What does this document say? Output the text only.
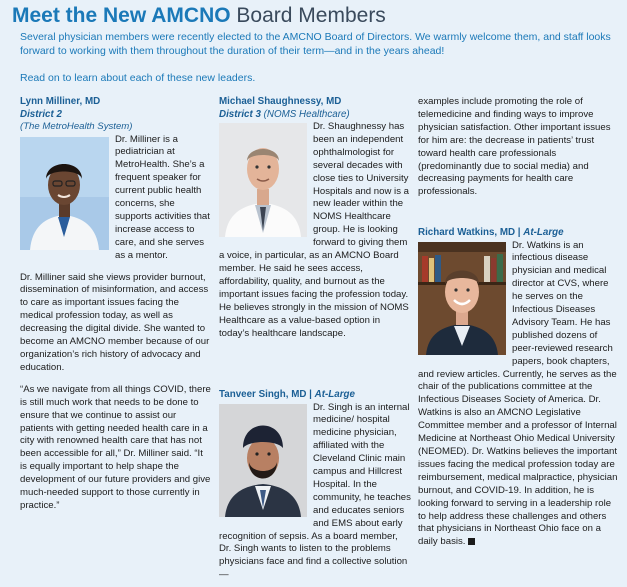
Meet the New AMCNO Board Members

Several physician members were recently elected to the AMCNO Board of Directors. We warmly welcome them, and staff looks forward to working with them throughout the duration of their term—and in the years ahead!

Read on to learn about each of these new leaders.

Lynn Milliner, MD
District 2
(The MetroHealth System)

Dr. Milliner is a pediatrician at MetroHealth. She’s a frequent speaker for current public health concerns, she supports activities that increase access to care, and she serves as a mentor.

Dr. Milliner said she views provider burnout, dissemination of misinformation, and access to care as important issues facing the medical profession today, as well as decreasing the digital divide. She wanted to become an AMCNO member because of our organization’s rich history of advocacy and education.

“As we navigate from all things COVID, there is still much work that needs to be done to ensure that we continue to assist our patients with getting needed health care in a city with renowned health care that has not been accessible for all,” Dr. Milliner said. “It is equally important to help shape the development of our future providers and give much-needed support to those currently in practice.”

Michael Shaughnessy, MD
District 3 (NOMS Healthcare)

Dr. Shaughnessy has been an independent ophthalmologist for several decades with close ties to University Hospitals and now is a new leader within the NOMS Healthcare group. He is looking forward to giving them a voice, in particular, as an AMCNO Board member. He said he sees access, affordability, quality, and burnout as the important issues facing the profession today. He believes strongly in the mission of NOMS Healthcare as a value-based option in today’s healthcare landscape.

Tanveer Singh, MD | At-Large

Dr. Singh is an internal medicine/ hospital medicine physician, affiliated with the Cleveland Clinic main campus and Hillcrest Hospital. In the community, he teaches and educates seniors and EMS about early recognition of sepsis. As a board member, Dr. Singh wants to listen to the problems physicians face and find a collective solution—

examples include promoting the role of telemedicine and finding ways to improve physician satisfaction. Other important issues for him are: the decrease in patients’ trust toward health care professionals (predominantly due to social media) and decreasing payments for health care professionals.

Richard Watkins, MD | At-Large

Dr. Watkins is an infectious disease physician and medical director at CVS, where he serves on the Infectious Diseases Advisory Team. He has published dozens of peer-reviewed research papers, book chapters, and review articles. Currently, he serves as the chair of the publications committee at the Infectious Diseases Society of America. Dr. Watkins is also an AMCNO Legislative Committee member and a professor of Internal Medicine at Northeast Ohio Medical University (NEOMED). Dr. Watkins believes the important issues facing the medical profession today are reimbursement, medical malpractice, physician burnout, and COVID-19. In addition, he is looking forward to serving in a leadership role to help address these challenges and others that physicians in Northeast Ohio face on a daily basis.
